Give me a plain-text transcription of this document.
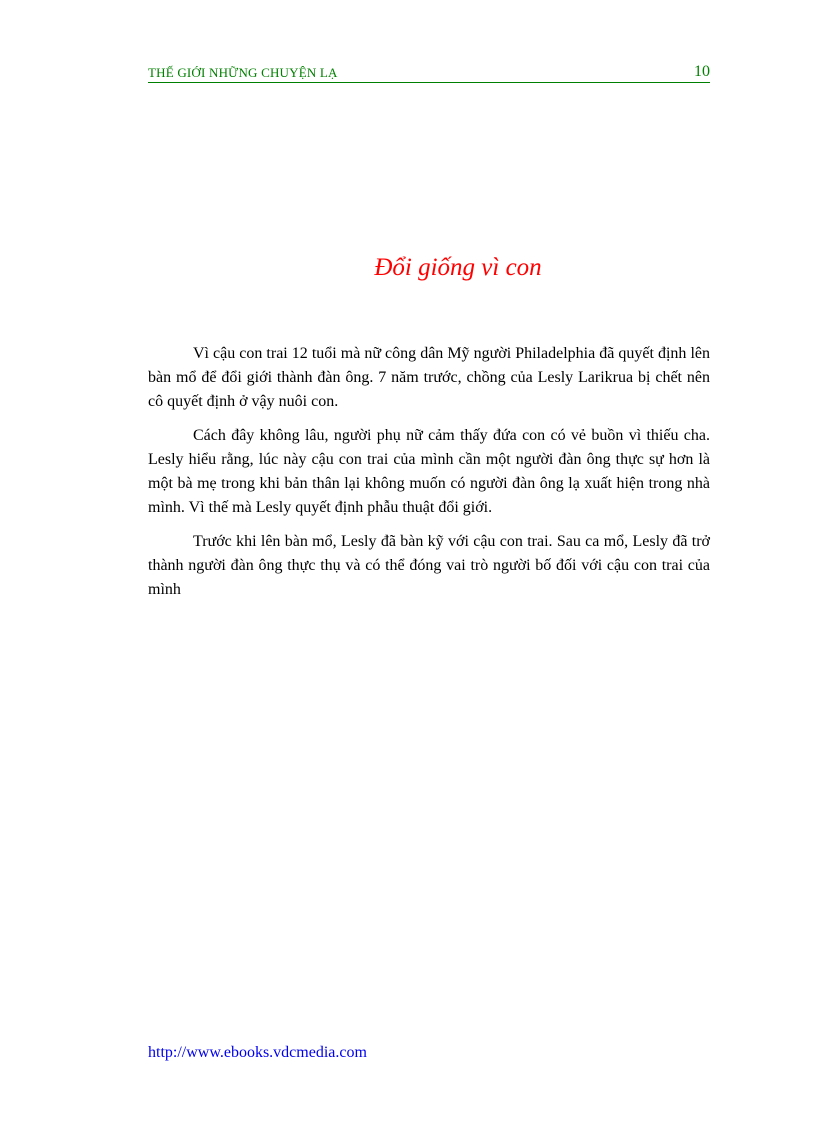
THẾ GIỚI NHỮNG CHUYỆN LẠ	10
Đổi giống vì con

Vì cậu con trai 12 tuổi mà nữ công dân Mỹ người Philadelphia đã quyết định lên bàn mổ để đổi giới thành đàn ông. 7 năm trước, chồng của Lesly Larikrua bị chết nên cô quyết định ở vậy nuôi con.

Cách đây không lâu, người phụ nữ cảm thấy đứa con có vẻ buồn vì thiếu cha. Lesly hiểu rằng, lúc này cậu con trai của mình cần một người đàn ông thực sự hơn là một bà mẹ trong khi bản thân lại không muốn có người đàn ông lạ xuất hiện trong nhà mình. Vì thế mà Lesly quyết định phẫu thuật đổi giới.

Trước khi lên bàn mổ, Lesly đã bàn kỹ với cậu con trai. Sau ca mổ, Lesly đã trở thành người đàn ông thực thụ và có thể đóng vai trò người bố đối với cậu con trai của mình

http://www.ebooks.vdcmedia.com
